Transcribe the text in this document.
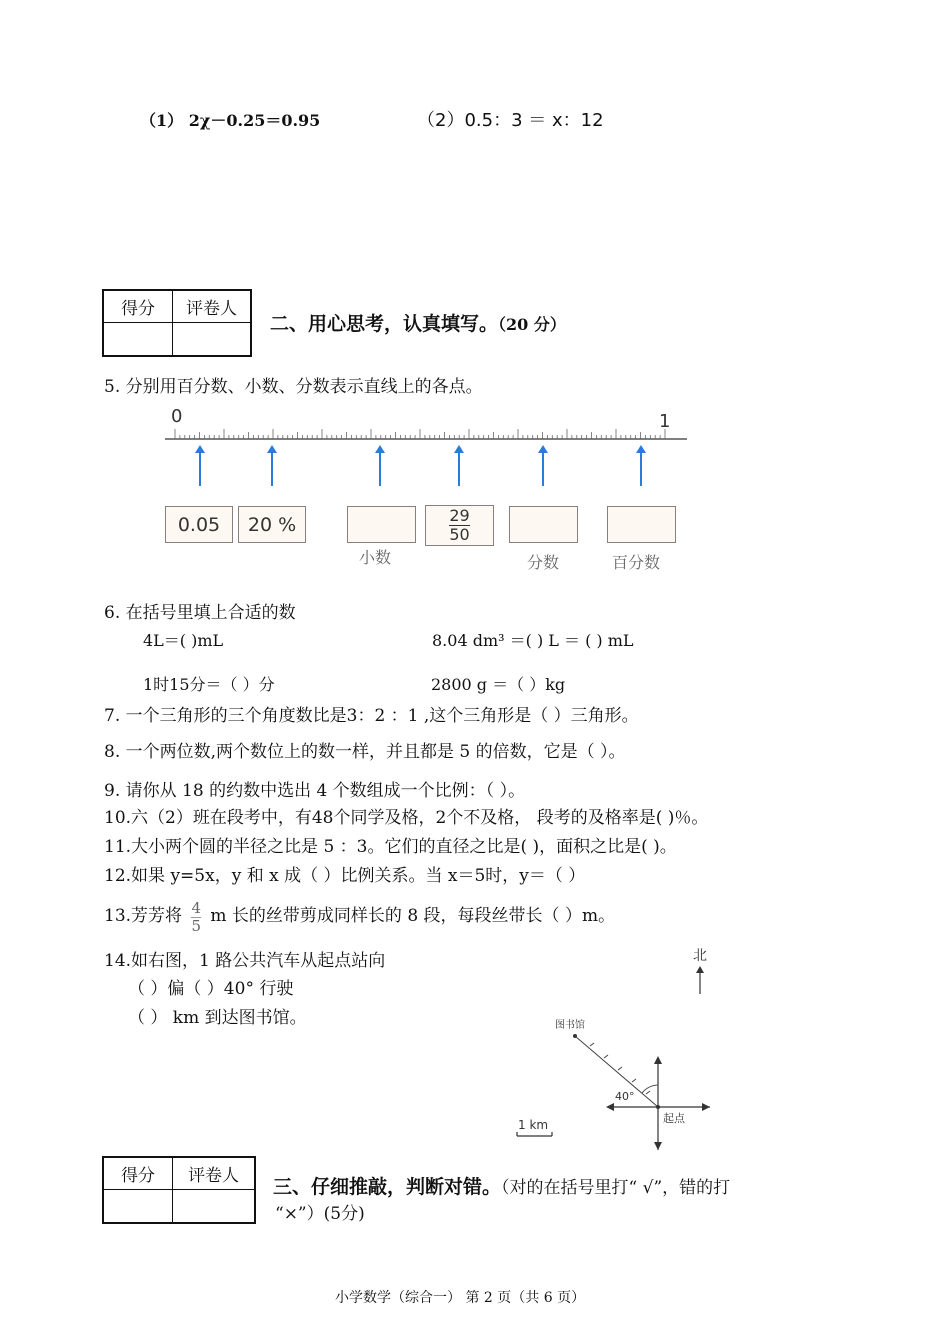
（1） 2χ－0.25＝0.95	（2）0.5：3 ＝ x：12
得分	评卷人

二、用心思考，认真填写。（20 分）
5. 分别用百分数、小数、分数表示直线上的各点。
0	1
0.05	20 %	$\frac{29}{50}$
小数	分数	百分数
6. 在括号里填上合适的数
4L＝( )mL	8.04 dm³ ＝( ) L ＝ ( ) mL
1时15分＝（ ）分	2800 g ＝（ ）kg
7. 一个三角形的三个角度数比是3：2 ：1 ,这个三角形是（ ）三角形。
8. 一个两位数,两个数位上的数一样，并且都是 5 的倍数，它是（ ）。
9. 请你从 18 的约数中选出 4 个数组成一个比例：（ ）。
10.六（2）班在段考中，有48个同学及格，2个不及格， 段考的及格率是( )％。
11.大小两个圆的半径之比是 5 ：3。它们的直径之比是( )，面积之比是( )。
12.如果 y=5x，y 和 x 成（ ）比例关系。当 x＝5时，y＝（ ）
13.芳芳将 $\frac{4}{5}$ m 长的丝带剪成同样长的 8 段，每段丝带长（ ）m。
14.如右图，1 路公共汽车从起点站向
（ ）偏（ ）40° 行驶
（ ） km 到达图书馆。
北
图书馆
40°
起点
1 km
得分	评卷人

三、仔细推敲，判断对错。（对的在括号里打“ √”，错的打
“×”）(5分)
小学数学（综合一） 第 2 页（共 6 页）
